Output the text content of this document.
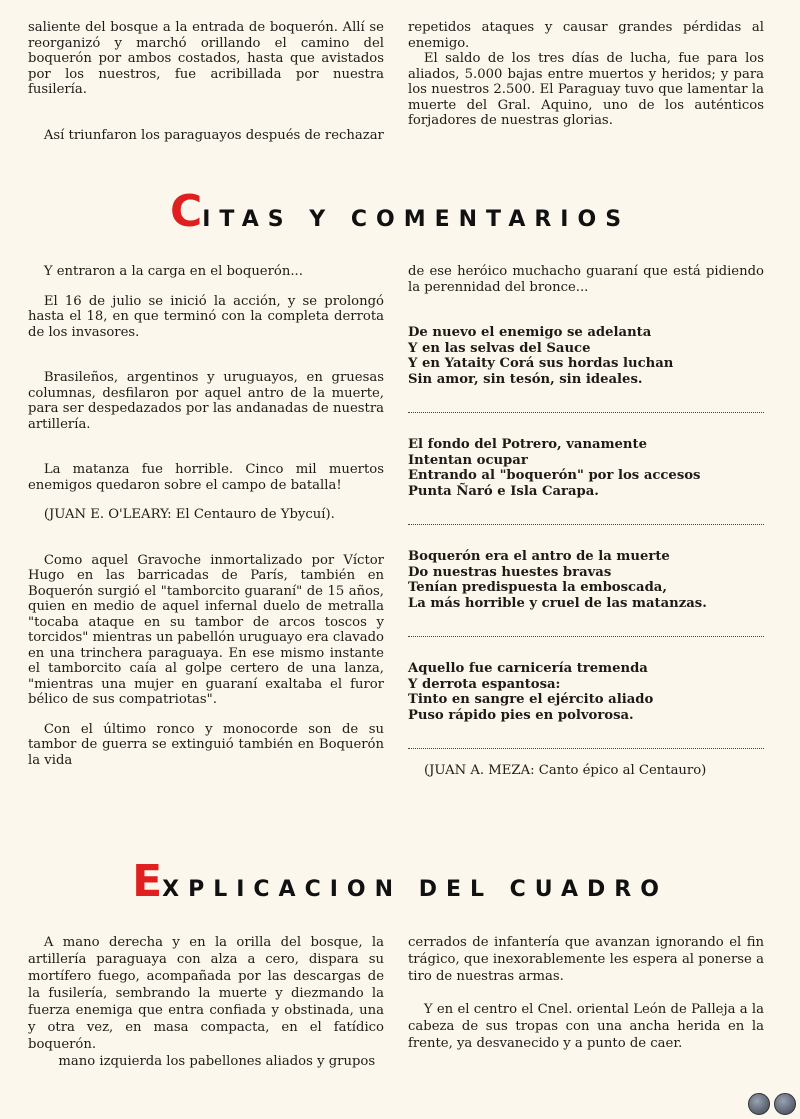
saliente del bosque a la entrada de boquerón. Allí se reorganizó y marchó orillando el camino del boquerón por ambos costados, hasta que avistados por los nuestros, fue acribillada por nuestra fusilería.

Así triunfaron los paraguayos después de rechazar

repetidos ataques y causar grandes pérdidas al enemigo.

El saldo de los tres días de lucha, fue para los aliados, 5.000 bajas entre muertos y heridos; y para los nuestros 2.500. El Paraguay tuvo que lamentar la muerte del Gral. Aquino, uno de los auténticos forjadores de nuestras glorias.

CITAS Y COMENTARIOS

Y entraron a la carga en el boquerón...

El 16 de julio se inició la acción, y se prolongó hasta el 18, en que terminó con la completa derrota de los invasores.

Brasileños, argentinos y uruguayos, en gruesas columnas, desfilaron por aquel antro de la muerte, para ser despedazados por las andanadas de nuestra artillería.

La matanza fue horrible. Cinco mil muertos enemigos quedaron sobre el campo de batalla!

(JUAN E. O'LEARY: El Centauro de Ybycuí).

Como aquel Gravoche inmortalizado por Víctor Hugo en las barricadas de París, también en Boquerón surgió el "tamborcito guaraní" de 15 años, quien en medio de aquel infernal duelo de metralla "tocaba ataque en su tambor de arcos toscos y torcidos" mientras un pabellón uruguayo era clavado en una trinchera paraguaya. En ese mismo instante el tamborcito caía al golpe certero de una lanza, "mientras una mujer en guaraní exaltaba el furor bélico de sus compatriotas".

Con el último ronco y monocorde son de su tambor de guerra se extinguió también en Boquerón la vida

de ese heróico muchacho guaraní que está pidiendo la perennidad del bronce...

De nuevo el enemigo se adelanta

Y en las selvas del Sauce

Y en Yataity Corá sus hordas luchan

Sin amor, sin tesón, sin ideales.

El fondo del Potrero, vanamente

Intentan ocupar

Entrando al "boquerón" por los accesos

Punta Ñaró e Isla Carapa.

Boquerón era el antro de la muerte

Do nuestras huestes bravas

Tenían predispuesta la emboscada,

La más horrible y cruel de las matanzas.

Aquello fue carnicería tremenda

Y derrota espantosa:

Tinto en sangre el ejército aliado

Puso rápido pies en polvorosa.

(JUAN A. MEZA: Canto épico al Centauro)

EXPLICACION DEL CUADRO

A mano derecha y en la orilla del bosque, la artillería paraguaya con alza a cero, dispara su mortífero fuego, acompañada por las descargas de la fusilería, sembrando la muerte y diezmando la fuerza enemiga que entra confiada y obstinada, una y otra vez, en masa compacta, en el fatídico boquerón.

mano izquierda los pabellones aliados y grupos

cerrados de infantería que avanzan ignorando el fin trágico, que inexorablemente les espera al ponerse a tiro de nuestras armas.

Y en el centro el Cnel. oriental León de Palleja a la cabeza de sus tropas con una ancha herida en la frente, ya desvanecido y a punto de caer.
